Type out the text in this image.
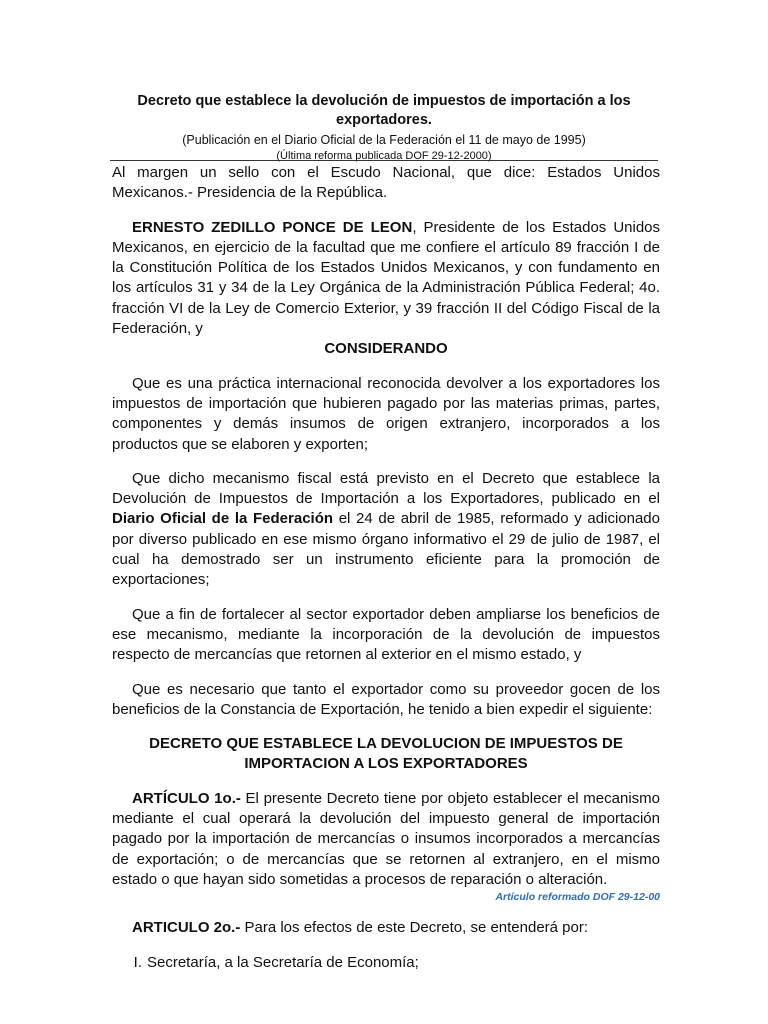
Decreto que establece la devolución de impuestos de importación a los exportadores.

(Publicación en el Diario Oficial de la Federación el 11 de mayo de 1995)
(Última reforma publicada DOF 29-12-2000)

Al margen un sello con el Escudo Nacional, que dice: Estados Unidos Mexicanos.- Presidencia de la República.

ERNESTO ZEDILLO PONCE DE LEON, Presidente de los Estados Unidos Mexicanos, en ejercicio de la facultad que me confiere el artículo 89 fracción I de la Constitución Política de los Estados Unidos Mexicanos, y con fundamento en los artículos 31 y 34 de la Ley Orgánica de la Administración Pública Federal; 4o. fracción VI de la Ley de Comercio Exterior, y 39 fracción II del Código Fiscal de la Federación, y

CONSIDERANDO

Que es una práctica internacional reconocida devolver a los exportadores los impuestos de importación que hubieren pagado por las materias primas, partes, componentes y demás insumos de origen extranjero, incorporados a los productos que se elaboren y exporten;

Que dicho mecanismo fiscal está previsto en el Decreto que establece la Devolución de Impuestos de Importación a los Exportadores, publicado en el Diario Oficial de la Federación el 24 de abril de 1985, reformado y adicionado por diverso publicado en ese mismo órgano informativo el 29 de julio de 1987, el cual ha demostrado ser un instrumento eficiente para la promoción de exportaciones;

Que a fin de fortalecer al sector exportador deben ampliarse los beneficios de ese mecanismo, mediante la incorporación de la devolución de impuestos respecto de mercancías que retornen al exterior en el mismo estado, y

Que es necesario que tanto el exportador como su proveedor gocen de los beneficios de la Constancia de Exportación, he tenido a bien expedir el siguiente:

DECRETO QUE ESTABLECE LA DEVOLUCION DE IMPUESTOS DE IMPORTACION A LOS EXPORTADORES

ARTÍCULO 1o.- El presente Decreto tiene por objeto establecer el mecanismo mediante el cual operará la devolución del impuesto general de importación pagado por la importación de mercancías o insumos incorporados a mercancías de exportación; o de mercancías que se retornen al extranjero, en el mismo estado o que hayan sido sometidas a procesos de reparación o alteración.

Artículo reformado DOF 29-12-00

ARTICULO 2o.- Para los efectos de este Decreto, se entenderá por:

I. Secretaría, a la Secretaría de Economía;
